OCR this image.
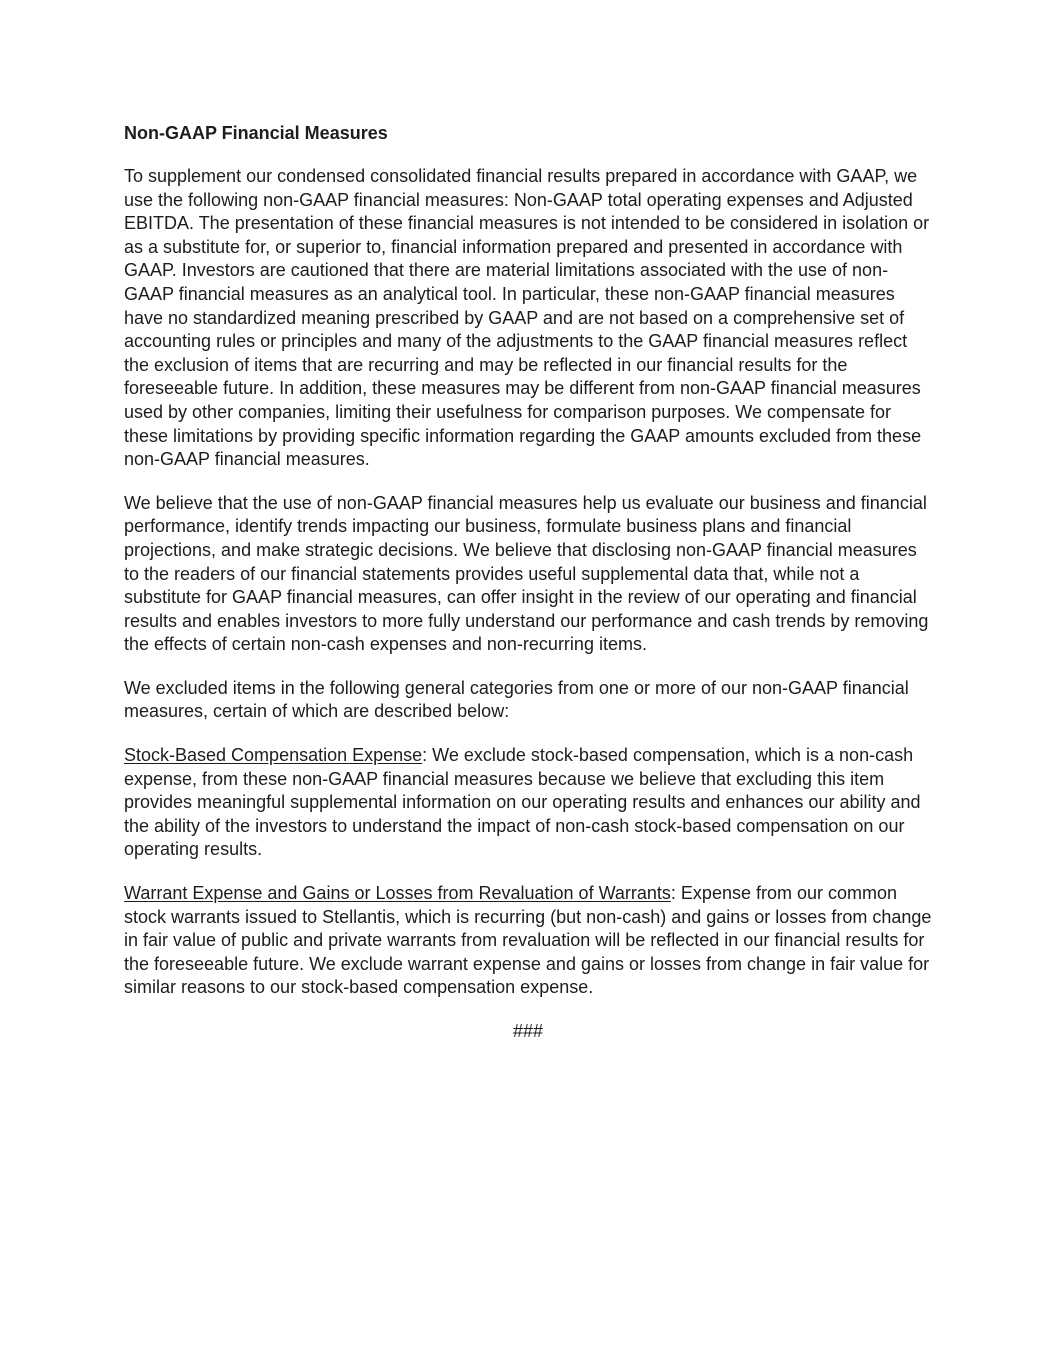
Non-GAAP Financial Measures

To supplement our condensed consolidated financial results prepared in accordance with GAAP, we use the following non-GAAP financial measures: Non-GAAP total operating expenses and Adjusted EBITDA. The presentation of these financial measures is not intended to be considered in isolation or as a substitute for, or superior to, financial information prepared and presented in accordance with GAAP. Investors are cautioned that there are material limitations associated with the use of non-GAAP financial measures as an analytical tool. In particular, these non-GAAP financial measures have no standardized meaning prescribed by GAAP and are not based on a comprehensive set of accounting rules or principles and many of the adjustments to the GAAP financial measures reflect the exclusion of items that are recurring and may be reflected in our financial results for the foreseeable future. In addition, these measures may be different from non-GAAP financial measures used by other companies, limiting their usefulness for comparison purposes. We compensate for these limitations by providing specific information regarding the GAAP amounts excluded from these non-GAAP financial measures.

We believe that the use of non-GAAP financial measures help us evaluate our business and financial performance, identify trends impacting our business, formulate business plans and financial projections, and make strategic decisions. We believe that disclosing non-GAAP financial measures to the readers of our financial statements provides useful supplemental data that, while not a substitute for GAAP financial measures, can offer insight in the review of our operating and financial results and enables investors to more fully understand our performance and cash trends by removing the effects of certain non-cash expenses and non-recurring items.

We excluded items in the following general categories from one or more of our non-GAAP financial measures, certain of which are described below:

Stock-Based Compensation Expense: We exclude stock-based compensation, which is a non-cash expense, from these non-GAAP financial measures because we believe that excluding this item provides meaningful supplemental information on our operating results and enhances our ability and the ability of the investors to understand the impact of non-cash stock-based compensation on our operating results.

Warrant Expense and Gains or Losses from Revaluation of Warrants: Expense from our common stock warrants issued to Stellantis, which is recurring (but non-cash) and gains or losses from change in fair value of public and private warrants from revaluation will be reflected in our financial results for the foreseeable future. We exclude warrant expense and gains or losses from change in fair value for similar reasons to our stock-based compensation expense.

###
